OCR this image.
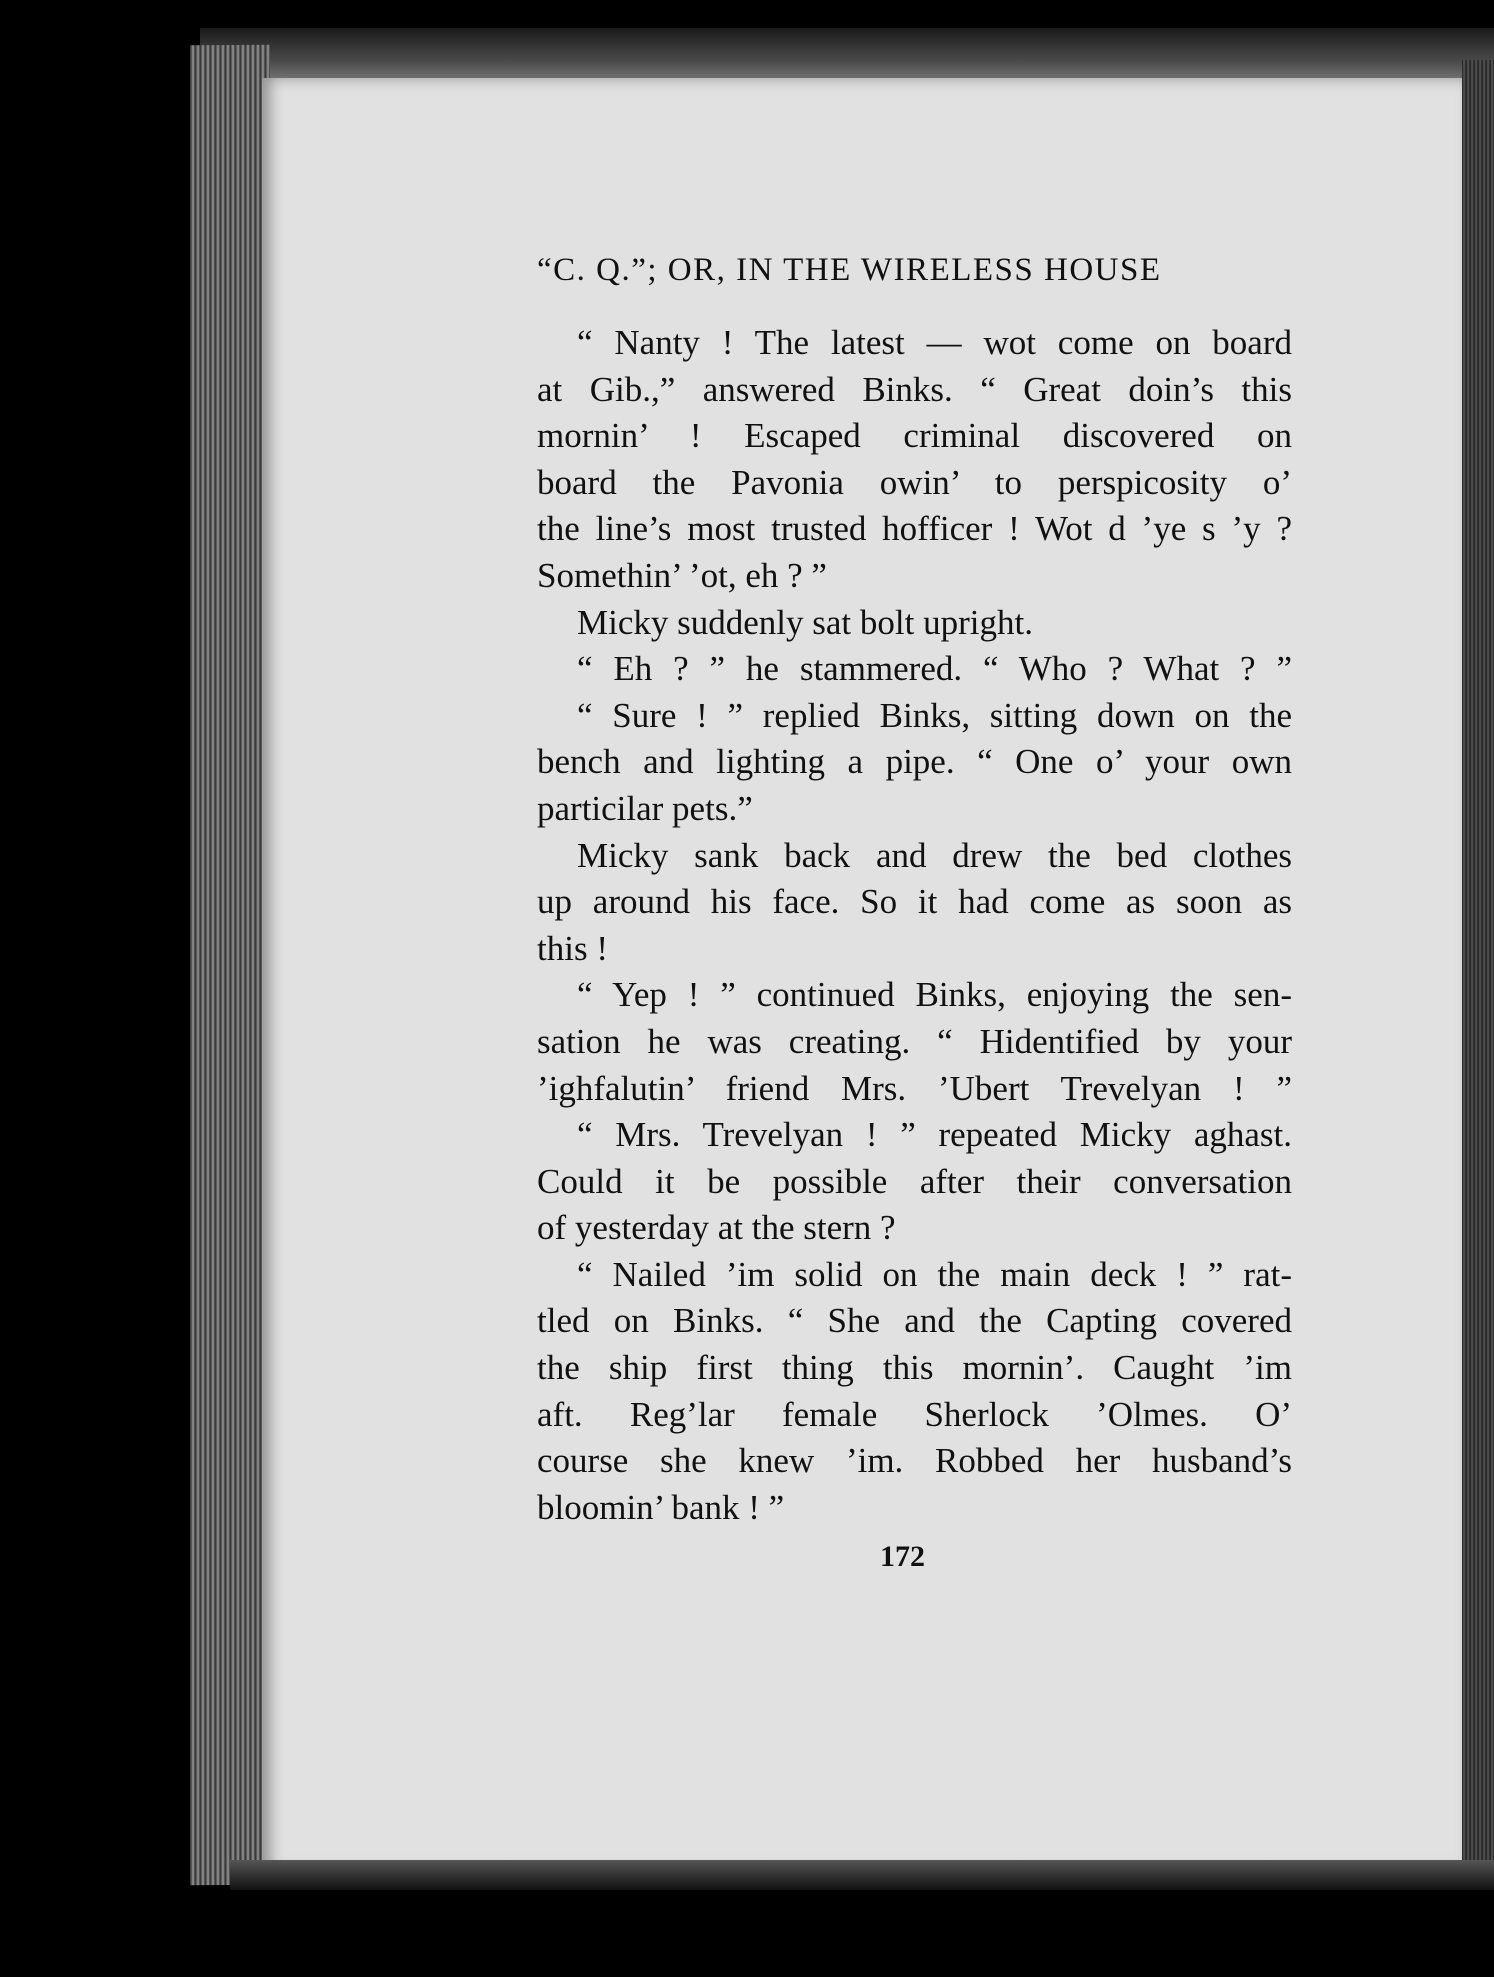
“C. Q.”; OR, IN THE WIRELESS HOUSE
“ Nanty ! The latest — wot come on board
at Gib.,” answered Binks. “ Great doin’s this
mornin’ ! Escaped criminal discovered on
board the Pavonia owin’ to perspicosity o’
the line’s most trusted hofficer ! Wot d ’ye s ’y ?
Somethin’ ’ot, eh ? ”
Micky suddenly sat bolt upright.
“ Eh ? ” he stammered. “ Who ? What ? ”
“ Sure ! ” replied Binks, sitting down on the
bench and lighting a pipe. “ One o’ your own
particilar pets.”
Micky sank back and drew the bed clothes
up around his face. So it had come as soon as
this !
“ Yep ! ” continued Binks, enjoying the sen-
sation he was creating. “ Hidentified by your
’ighfalutin’ friend Mrs. ’Ubert Trevelyan ! ”
“ Mrs. Trevelyan ! ” repeated Micky aghast.
Could it be possible after their conversation
of yesterday at the stern ?
“ Nailed ’im solid on the main deck ! ” rat-
tled on Binks. “ She and the Capting covered
the ship first thing this mornin’. Caught ’im
aft. Reg’lar female Sherlock ’Olmes. O’
course she knew ’im. Robbed her husband’s
bloomin’ bank ! ”
172
